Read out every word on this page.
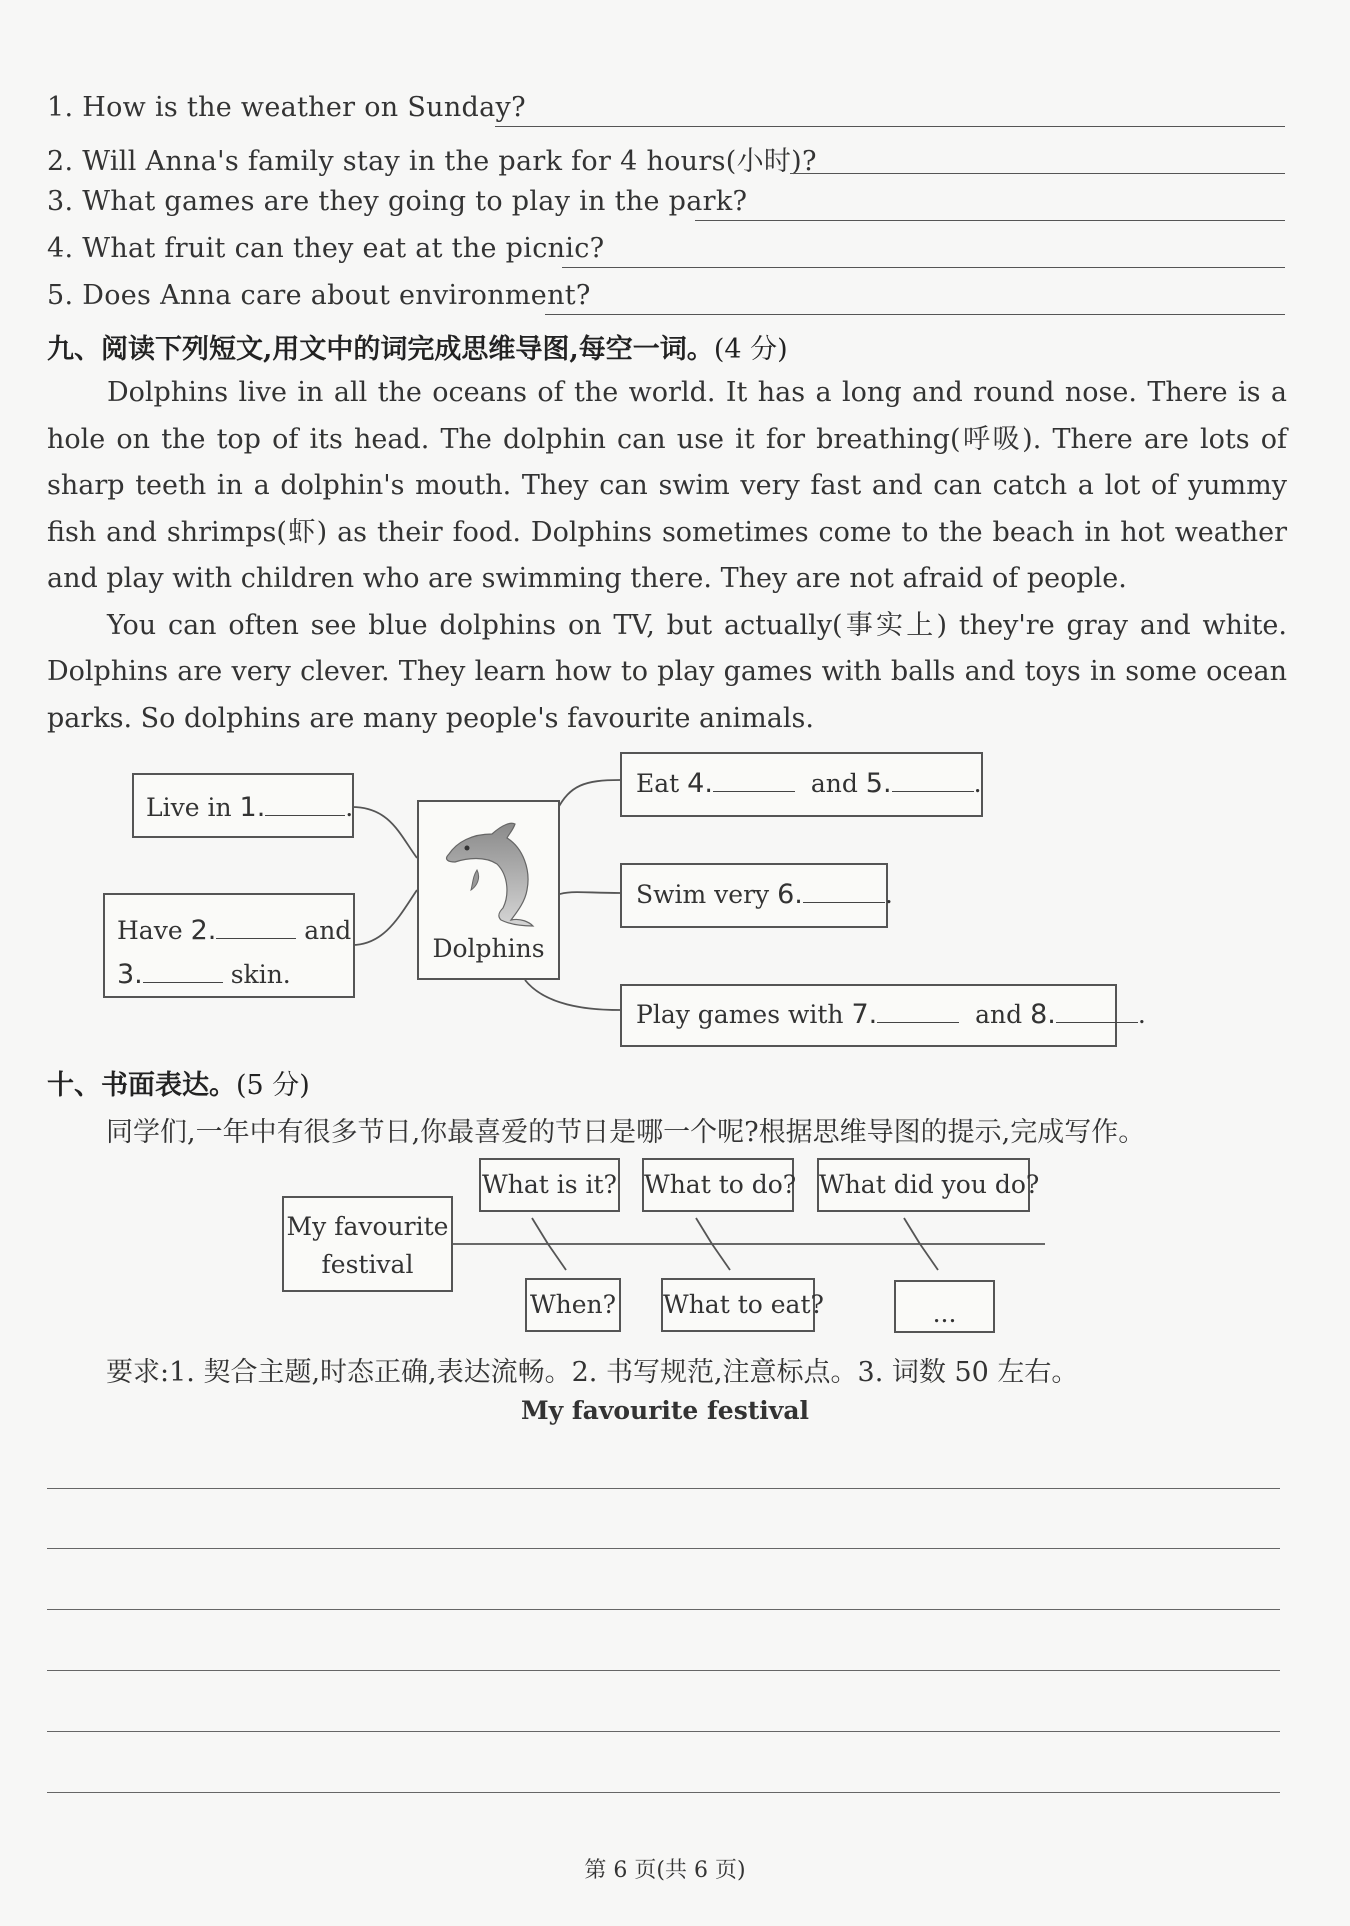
1. How is the weather on Sunday?
2. Will Anna's family stay in the park for 4 hours(小时)?
3. What games are they going to play in the park?
4. What fruit can they eat at the picnic?
5. Does Anna care about environment?
九、阅读下列短文,用文中的词完成思维导图,每空一词。(4 分)

Dolphins live in all the oceans of the world. It has a long and round nose. There is a hole on the top of its head. The dolphin can use it for breathing(呼吸). There are lots of sharp teeth in a dolphin's mouth. They can swim very fast and can catch a lot of yummy fish and shrimps(虾) as their food. Dolphins sometimes come to the beach in hot weather and play with children who are swimming there. They are not afraid of people.

You can often see blue dolphins on TV, but actually(事实上) they're gray and white. Dolphins are very clever. They learn how to play games with balls and toys in some ocean parks. So dolphins are many people's favourite animals.

Live in 1.	.
Have 2.	and
3.	skin.
Dolphins
Eat 4.	and 5.	.
Swim very 6.	.
Play games with 7.	and 8.	.
十、书面表达。(5 分)
同学们,一年中有很多节日,你最喜爱的节日是哪一个呢?根据思维导图的提示,完成写作。
My favourite
festival
What is it? What to do? What did you do?
When? What to eat?	...
要求:1. 契合主题,时态正确,表达流畅。2. 书写规范,注意标点。3. 词数 50 左右。
My favourite festival
第 6 页(共 6 页)
